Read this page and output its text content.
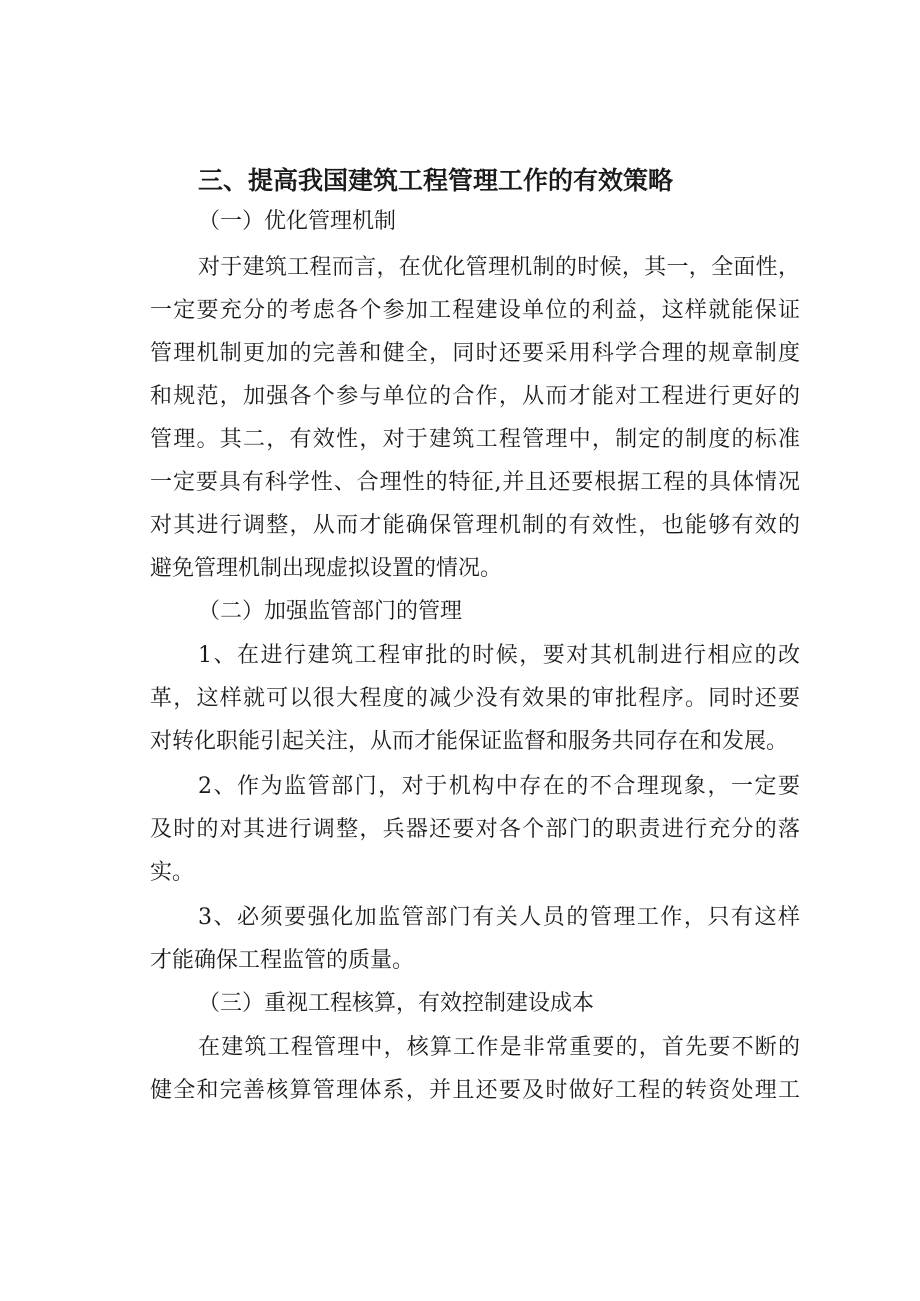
三、提高我国建筑工程管理工作的有效策略
（一）优化管理机制
对于建筑工程而言，在优化管理机制的时候，其一，全面性，
一定要充分的考虑各个参加工程建设单位的利益，这样就能保证
管理机制更加的完善和健全，同时还要采用科学合理的规章制度
和规范，加强各个参与单位的合作，从而才能对工程进行更好的
管理。其二，有效性，对于建筑工程管理中，制定的制度的标准
一定要具有科学性、合理性的特征,并且还要根据工程的具体情况
对其进行调整，从而才能确保管理机制的有效性，也能够有效的
避免管理机制出现虚拟设置的情况。
（二）加强监管部门的管理
1、在进行建筑工程审批的时候，要对其机制进行相应的改
革，这样就可以很大程度的减少没有效果的审批程序。同时还要
对转化职能引起关注，从而才能保证监督和服务共同存在和发展。
2、作为监管部门，对于机构中存在的不合理现象，一定要
及时的对其进行调整，兵器还要对各个部门的职责进行充分的落
实。
3、必须要强化加监管部门有关人员的管理工作，只有这样
才能确保工程监管的质量。
（三）重视工程核算，有效控制建设成本
在建筑工程管理中，核算工作是非常重要的，首先要不断的
健全和完善核算管理体系，并且还要及时做好工程的转资处理工
